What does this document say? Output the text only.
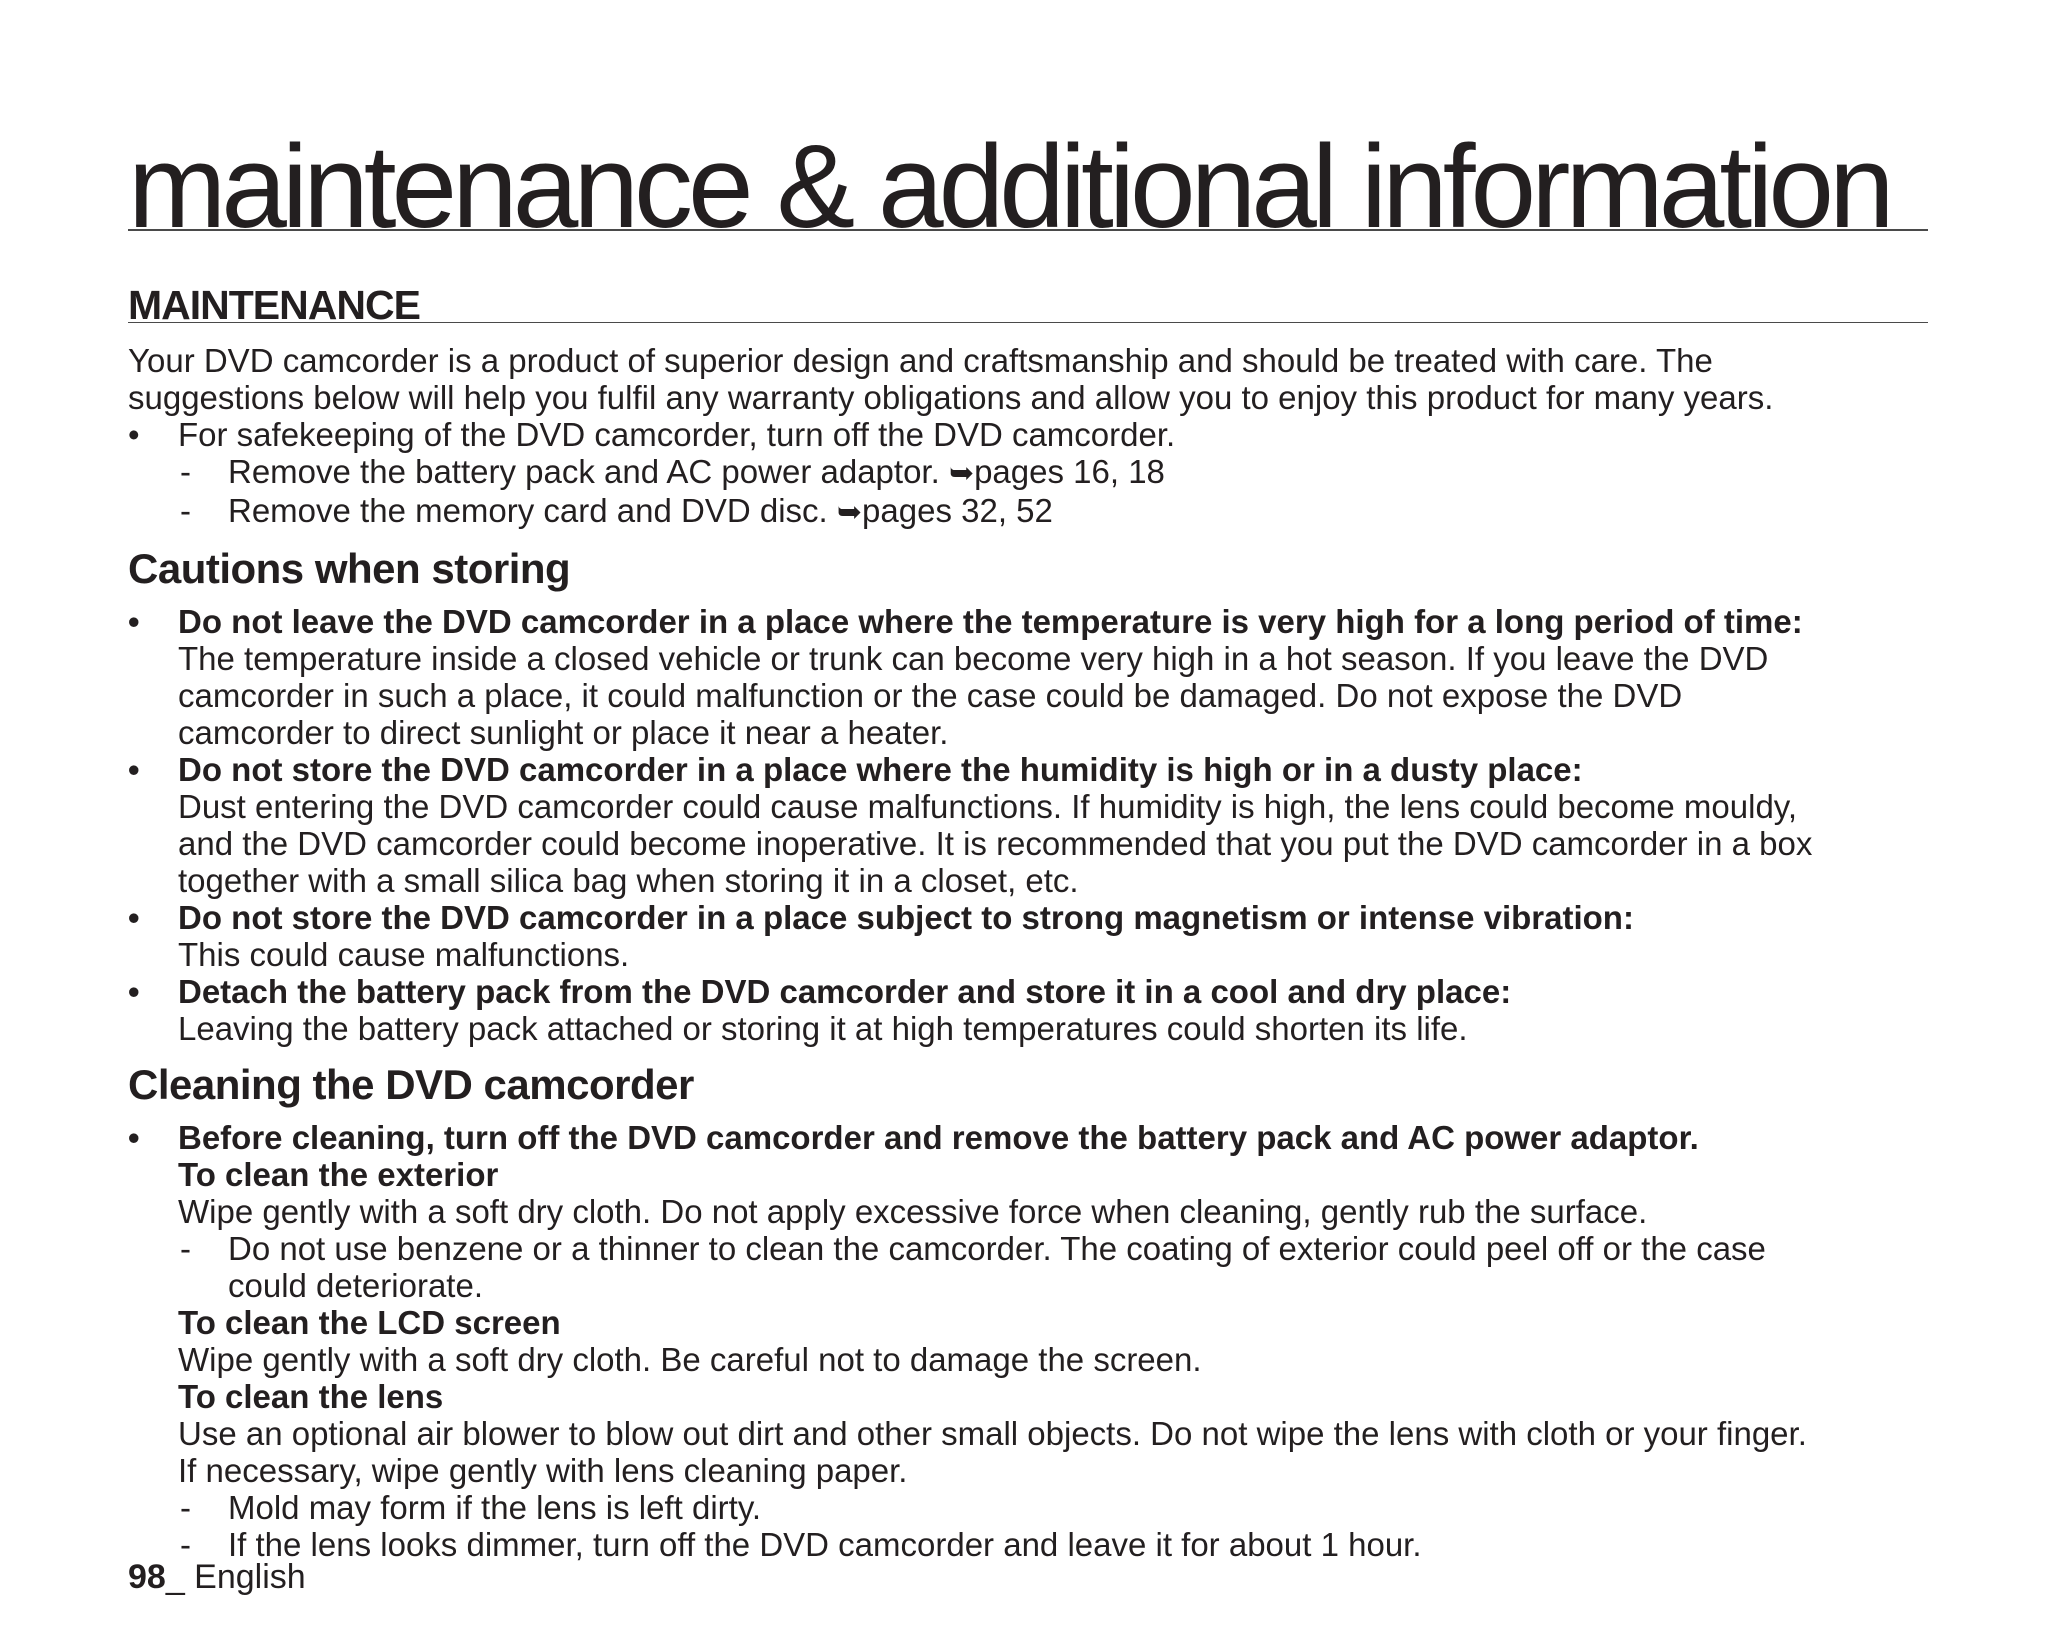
maintenance & additional information
MAINTENANCE

Your DVD camcorder is a product of superior design and craftsmanship and should be treated with care. The

suggestions below will help you fulfil any warranty obligations and allow you to enjoy this product for many years.

•	For safekeeping of the DVD camcorder, turn off the DVD camcorder.

- Remove the battery pack and AC power adaptor. ➥pages 16, 18

- Remove the memory card and DVD disc. ➥pages 32, 52

Cautions when storing

•	Do not leave the DVD camcorder in a place where the temperature is very high for a long period of time:

The temperature inside a closed vehicle or trunk can become very high in a hot season. If you leave the DVD

camcorder in such a place, it could malfunction or the case could be damaged. Do not expose the DVD

camcorder to direct sunlight or place it near a heater.

•	Do not store the DVD camcorder in a place where the humidity is high or in a dusty place:

Dust entering the DVD camcorder could cause malfunctions. If humidity is high, the lens could become mouldy,

and the DVD camcorder could become inoperative. It is recommended that you put the DVD camcorder in a box

together with a small silica bag when storing it in a closet, etc.

•	Do not store the DVD camcorder in a place subject to strong magnetism or intense vibration:

This could cause malfunctions.

•	Detach the battery pack from the DVD camcorder and store it in a cool and dry place:

Leaving the battery pack attached or storing it at high temperatures could shorten its life.

Cleaning the DVD camcorder

•	Before cleaning, turn off the DVD camcorder and remove the battery pack and AC power adaptor.

To clean the exterior

Wipe gently with a soft dry cloth. Do not apply excessive force when cleaning, gently rub the surface.

- Do not use benzene or a thinner to clean the camcorder. The coating of exterior could peel off or the case

could deteriorate.

To clean the LCD screen

Wipe gently with a soft dry cloth. Be careful not to damage the screen.

To clean the lens

Use an optional air blower to blow out dirt and other small objects. Do not wipe the lens with cloth or your finger.

If necessary, wipe gently with lens cleaning paper.

- Mold may form if the lens is left dirty.

- If the lens looks dimmer, turn off the DVD camcorder and leave it for about 1 hour.

98_ English
